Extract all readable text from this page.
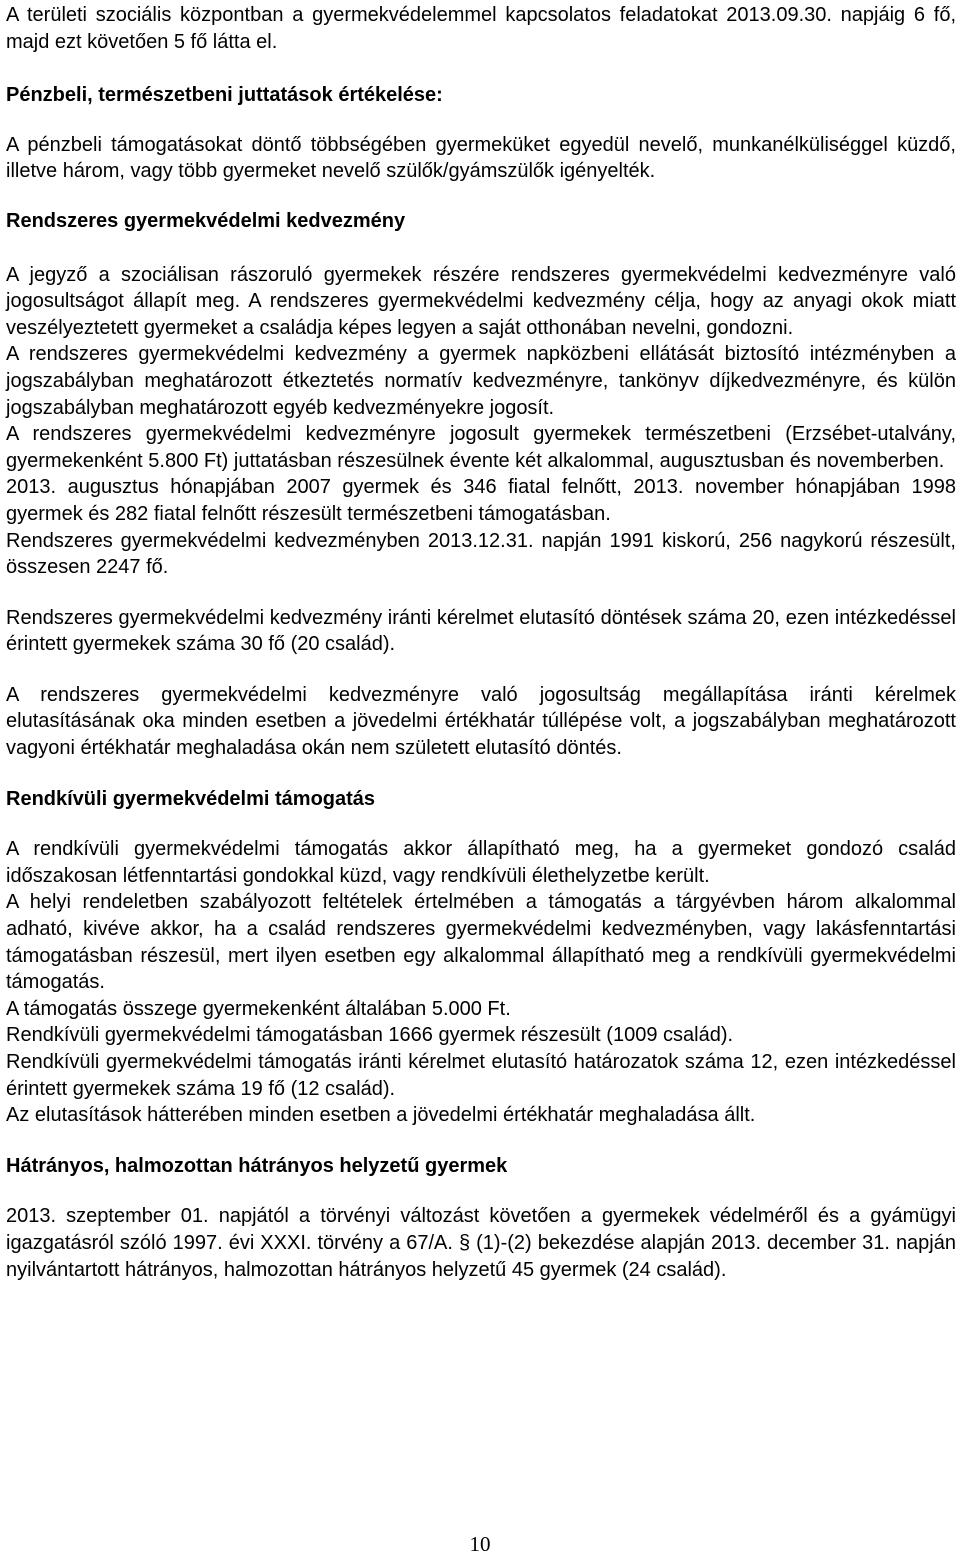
A területi szociális központban a gyermekvédelemmel kapcsolatos feladatokat 2013.09.30. napjáig 6 fő, majd ezt követően 5 fő látta el.

Pénzbeli, természetbeni juttatások értékelése:

A pénzbeli támogatásokat döntő többségében gyermeküket egyedül nevelő, munkanélküliséggel küzdő, illetve három, vagy több gyermeket nevelő szülők/gyámszülők igényelték.

Rendszeres gyermekvédelmi kedvezmény

A jegyző a szociálisan rászoruló gyermekek részére rendszeres gyermekvédelmi kedvezményre való jogosultságot állapít meg. A rendszeres gyermekvédelmi kedvezmény célja, hogy az anyagi okok miatt veszélyeztetett gyermeket a családja képes legyen a saját otthonában nevelni, gondozni.

A rendszeres gyermekvédelmi kedvezmény a gyermek napközbeni ellátását biztosító intézményben a jogszabályban meghatározott étkeztetés normatív kedvezményre, tankönyv díjkedvezményre, és külön jogszabályban meghatározott egyéb kedvezményekre jogosít.

A rendszeres gyermekvédelmi kedvezményre jogosult gyermekek természetbeni (Erzsébet-utalvány, gyermekenként 5.800 Ft) juttatásban részesülnek évente két alkalommal, augusztusban és novemberben.

2013. augusztus hónapjában 2007 gyermek és 346 fiatal felnőtt, 2013. november hónapjában 1998 gyermek és 282 fiatal felnőtt részesült természetbeni támogatásban.

Rendszeres gyermekvédelmi kedvezményben 2013.12.31. napján 1991 kiskorú, 256 nagykorú részesült, összesen 2247 fő.

Rendszeres gyermekvédelmi kedvezmény iránti kérelmet elutasító döntések száma 20, ezen intézkedéssel érintett gyermekek száma 30 fő (20 család).

A rendszeres gyermekvédelmi kedvezményre való jogosultság megállapítása iránti kérelmek elutasításának oka minden esetben a jövedelmi értékhatár túllépése volt, a jogszabályban meghatározott vagyoni értékhatár meghaladása okán nem született elutasító döntés.

Rendkívüli gyermekvédelmi támogatás

A rendkívüli gyermekvédelmi támogatás akkor állapítható meg, ha a gyermeket gondozó család időszakosan létfenntartási gondokkal küzd, vagy rendkívüli élethelyzetbe került.

A helyi rendeletben szabályozott feltételek értelmében a támogatás a tárgyévben három alkalommal adható, kivéve akkor, ha a család rendszeres gyermekvédelmi kedvezményben, vagy lakásfenntartási támogatásban részesül, mert ilyen esetben egy alkalommal állapítható meg a rendkívüli gyermekvédelmi támogatás.

A támogatás összege gyermekenként általában 5.000 Ft.

Rendkívüli gyermekvédelmi támogatásban 1666 gyermek részesült (1009 család).

Rendkívüli gyermekvédelmi támogatás iránti kérelmet elutasító határozatok száma 12, ezen intézkedéssel érintett gyermekek száma 19 fő (12 család).

Az elutasítások hátterében minden esetben a jövedelmi értékhatár meghaladása állt.

Hátrányos, halmozottan hátrányos helyzetű gyermek

2013. szeptember 01. napjától a törvényi változást követően a gyermekek védelméről és a gyámügyi igazgatásról szóló 1997. évi XXXI. törvény a 67/A. § (1)-(2) bekezdése alapján 2013. december 31. napján nyilvántartott hátrányos, halmozottan hátrányos helyzetű 45 gyermek (24 család).

10
